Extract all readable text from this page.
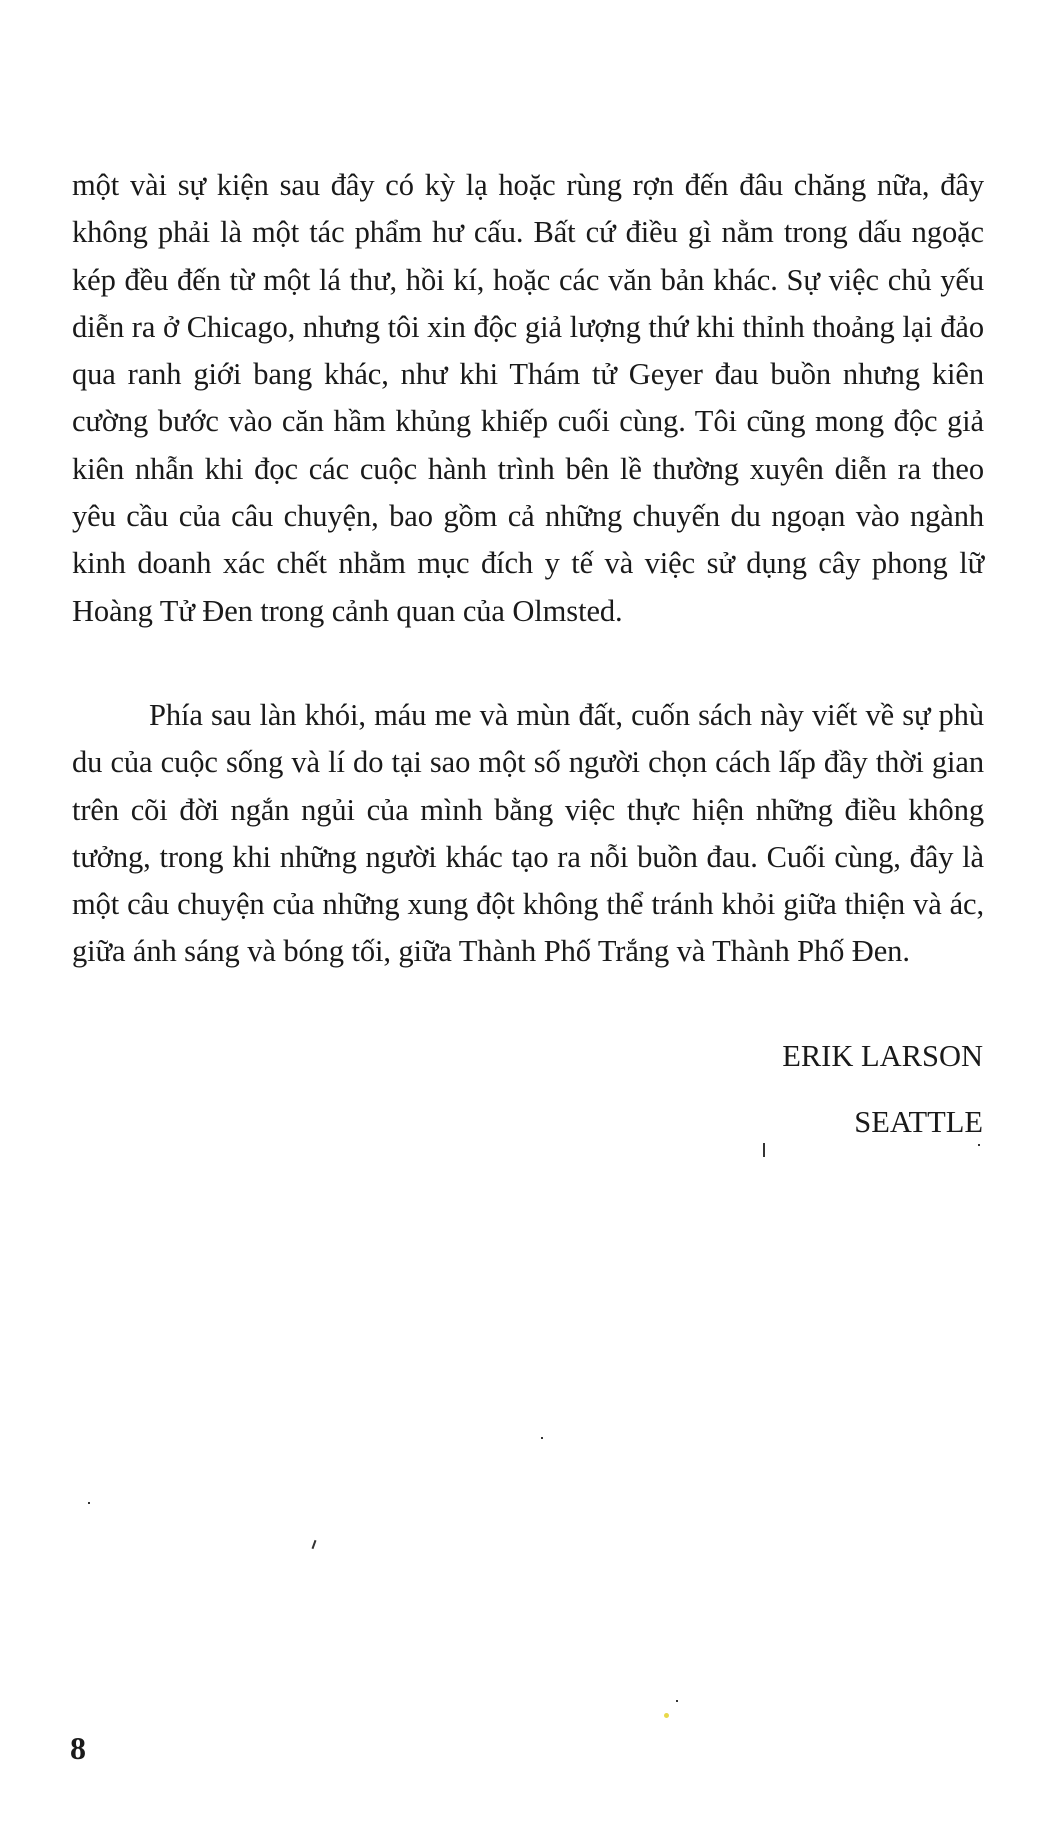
một vài sự kiện sau đây có kỳ lạ hoặc rùng rợn đến đâu chăng nữa, đây không phải là một tác phẩm hư cấu. Bất cứ điều gì nằm trong dấu ngoặc kép đều đến từ một lá thư, hồi kí, hoặc các văn bản khác. Sự việc chủ yếu diễn ra ở Chicago, nhưng tôi xin độc giả lượng thứ khi thỉnh thoảng lại đảo qua ranh giới bang khác, như khi Thám tử Geyer đau buồn nhưng kiên cường bước vào căn hầm khủng khiếp cuối cùng. Tôi cũng mong độc giả kiên nhẫn khi đọc các cuộc hành trình bên lề thường xuyên diễn ra theo yêu cầu của câu chuyện, bao gồm cả những chuyến du ngoạn vào ngành kinh doanh xác chết nhằm mục đích y tế và việc sử dụng cây phong lữ Hoàng Tử Đen trong cảnh quan của Olmsted.

Phía sau làn khói, máu me và mùn đất, cuốn sách này viết về sự phù du của cuộc sống và lí do tại sao một số người chọn cách lấp đầy thời gian trên cõi đời ngắn ngủi của mình bằng việc thực hiện những điều không tưởng, trong khi những người khác tạo ra nỗi buồn đau. Cuối cùng, đây là một câu chuyện của những xung đột không thể tránh khỏi giữa thiện và ác, giữa ánh sáng và bóng tối, giữa Thành Phố Trắng và Thành Phố Đen.

ERIK LARSON
SEATTLE
8
